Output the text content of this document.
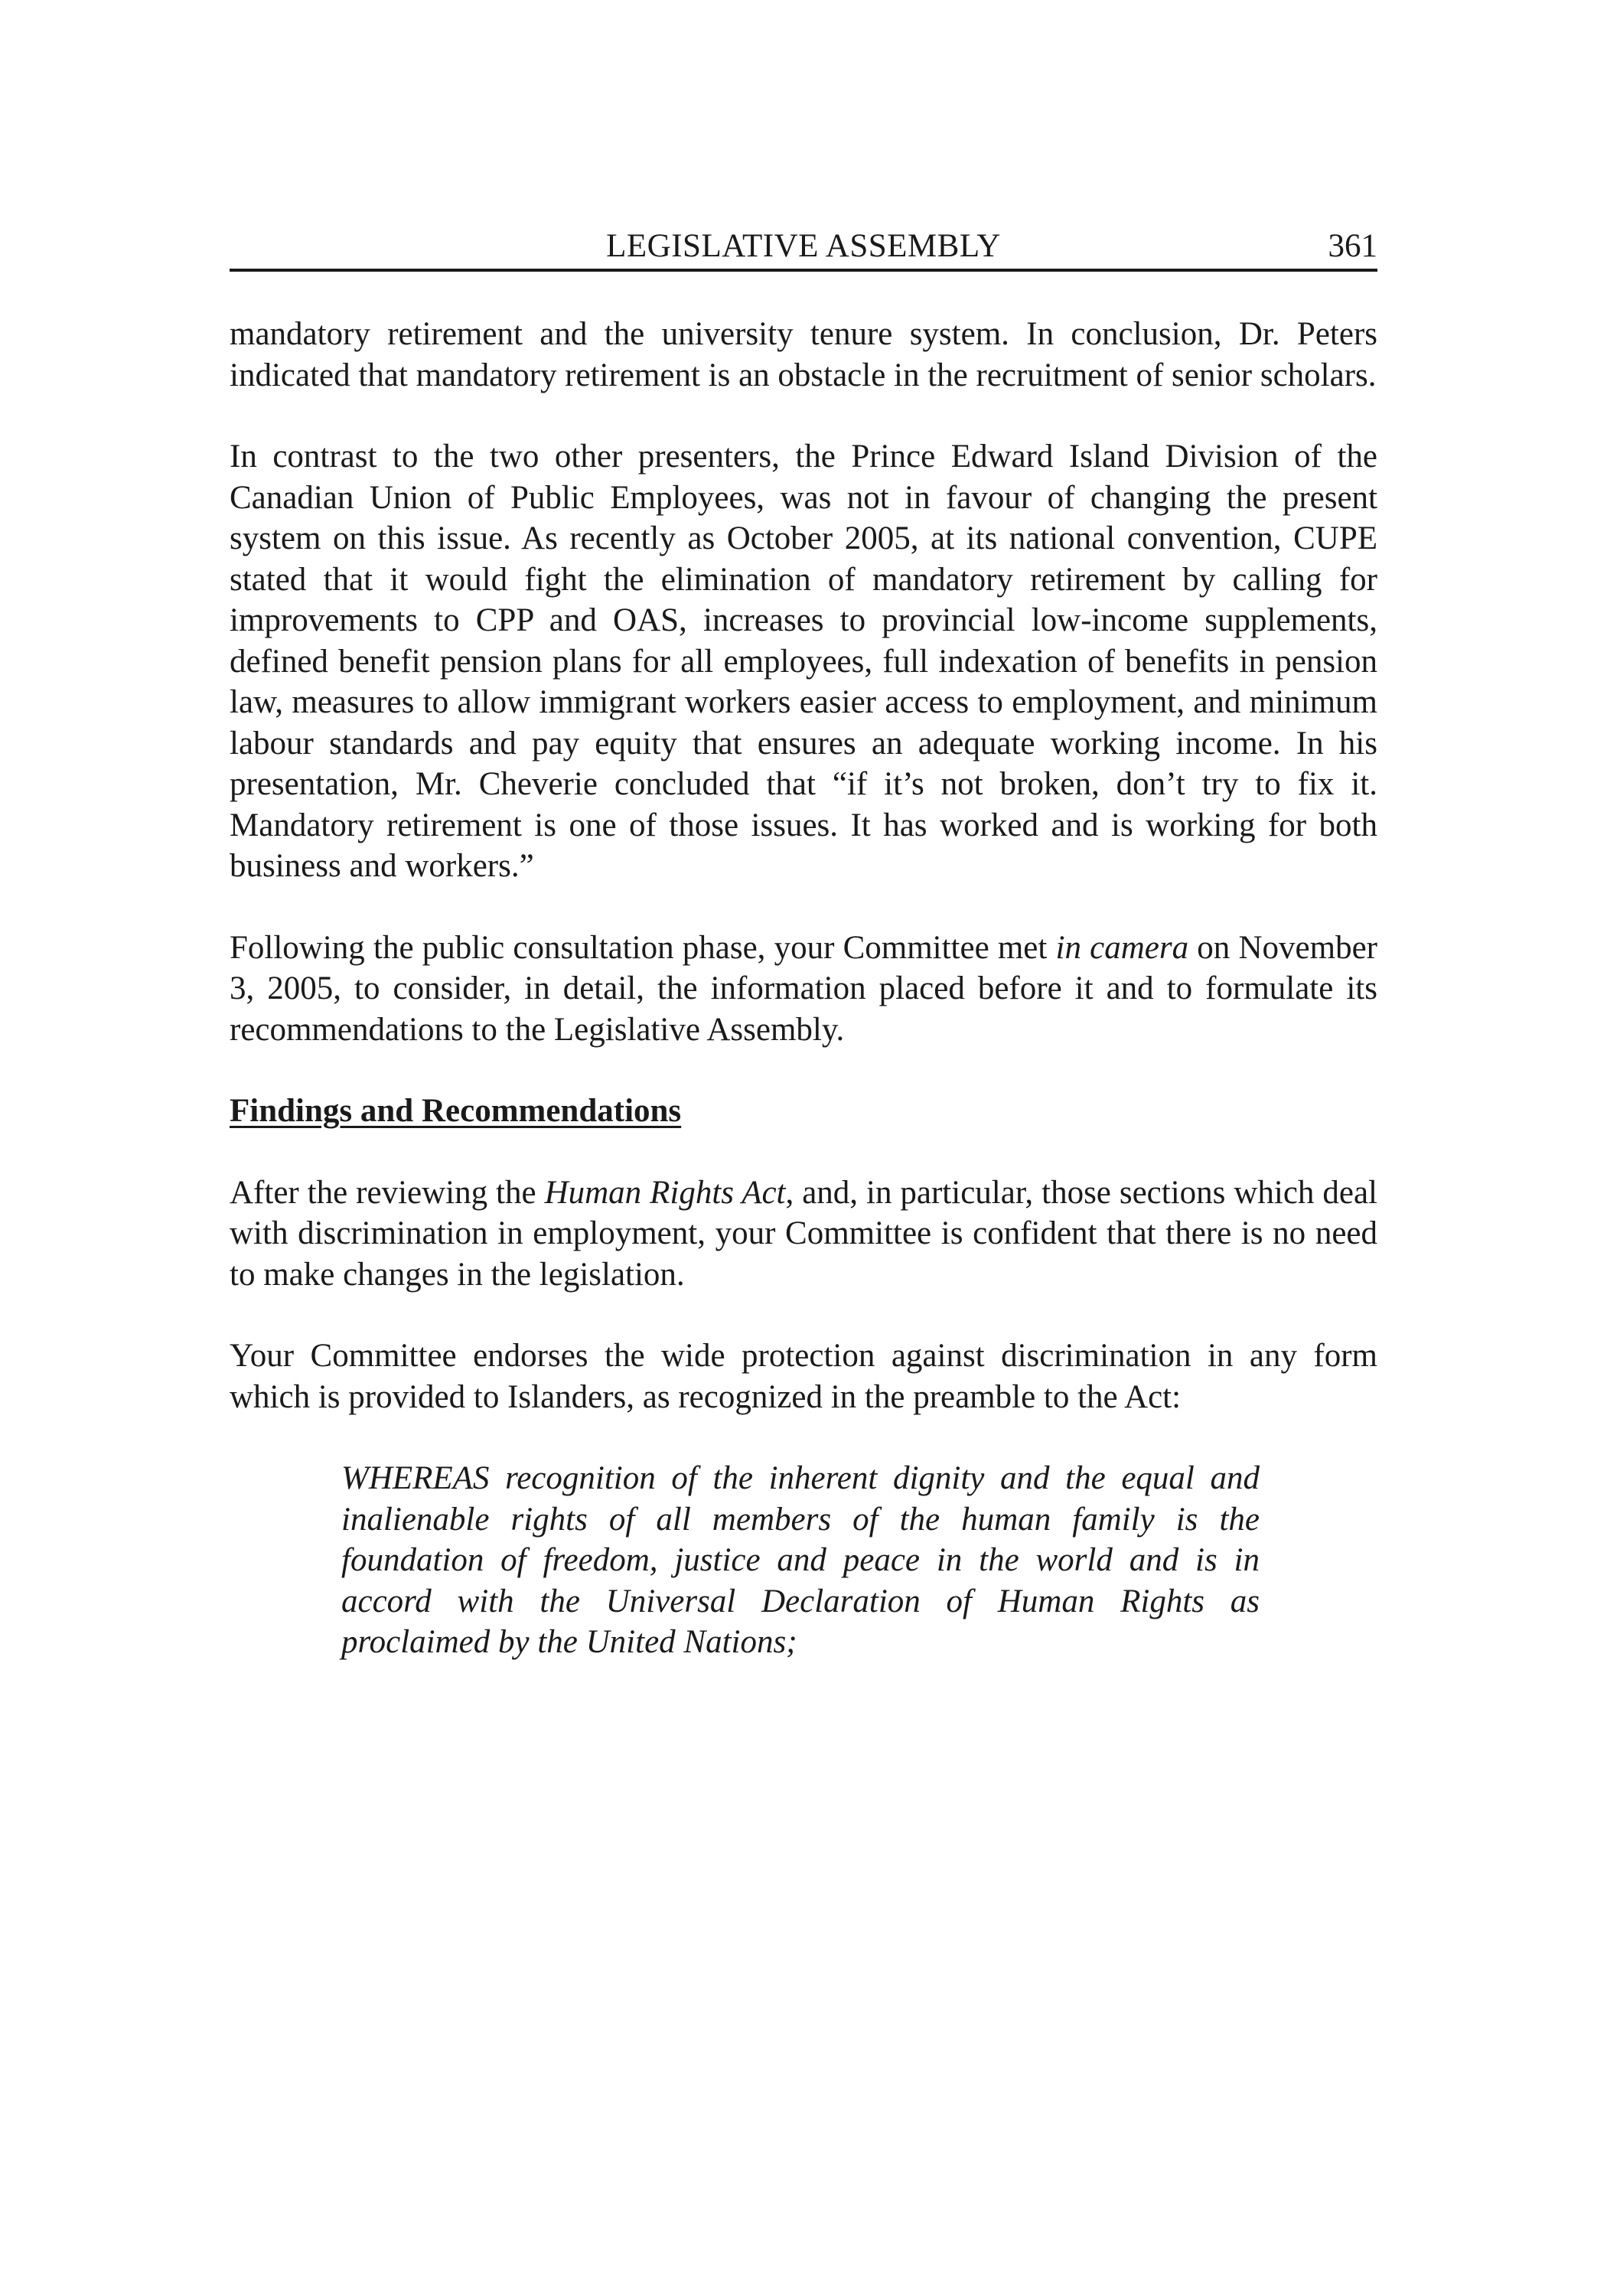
LEGISLATIVE ASSEMBLY	361

mandatory retirement and the university tenure system. In conclusion, Dr. Peters indicated that mandatory retirement is an obstacle in the recruitment of senior scholars.

In contrast to the two other presenters, the Prince Edward Island Division of the Canadian Union of Public Employees, was not in favour of changing the present system on this issue. As recently as October 2005, at its national convention, CUPE stated that it would fight the elimination of mandatory retirement by calling for improvements to CPP and OAS, increases to provincial low-income supplements, defined benefit pension plans for all employees, full indexation of benefits in pension law, measures to allow immigrant workers easier access to employment, and minimum labour standards and pay equity that ensures an adequate working income. In his presentation, Mr. Cheverie concluded that “if it’s not broken, don’t try to fix it. Mandatory retirement is one of those issues. It has worked and is working for both business and workers.”

Following the public consultation phase, your Committee met in camera on November 3, 2005, to consider, in detail, the information placed before it and to formulate its recommendations to the Legislative Assembly.

Findings and Recommendations

After the reviewing the Human Rights Act, and, in particular, those sections which deal with discrimination in employment, your Committee is confident that there is no need to make changes in the legislation.

Your Committee endorses the wide protection against discrimination in any form which is provided to Islanders, as recognized in the preamble to the Act:

WHEREAS recognition of the inherent dignity and the equal and inalienable rights of all members of the human family is the foundation of freedom, justice and peace in the world and is in accord with the Universal Declaration of Human Rights as proclaimed by the United Nations;
